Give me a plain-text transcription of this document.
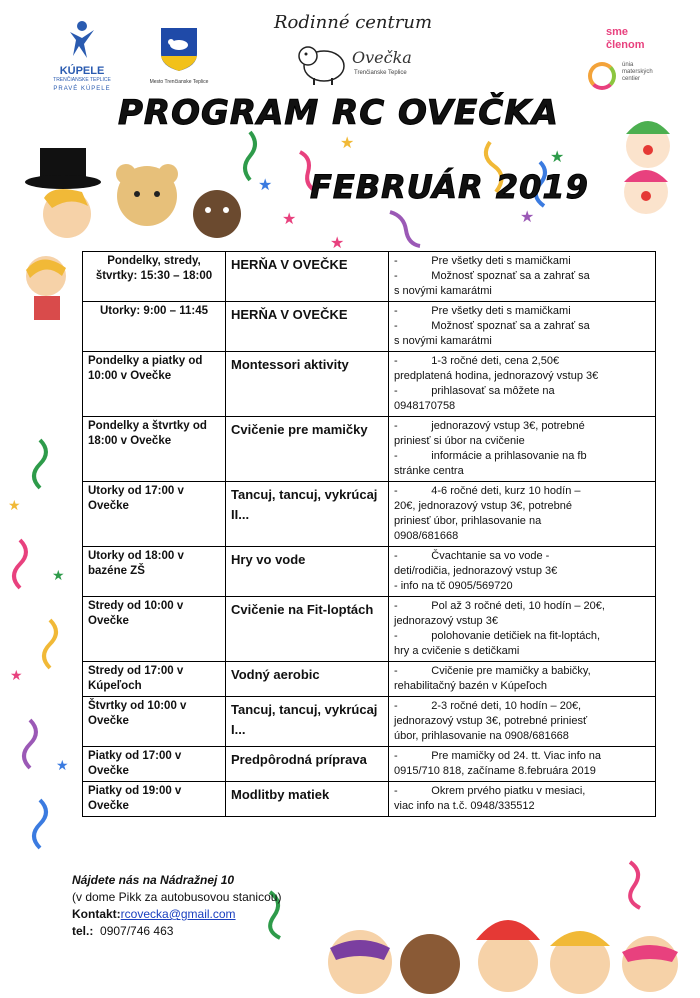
KÚPELE
TRENČIANSKE TEPLICE
PRAVÉ KÚPELE
Mesto Trenčianske Teplice
Rodinné centrum
Ovečka
Trenčianske Teplice
sme
členom
únia materských centier
★
★
★
★
★
★
★
★
★
★
PROGRAM RC OVEČKA
FEBRUÁR 2019
Pondelky, stredy, štvrtky: 15:30 – 18:00	HERŇA V OVEČKE	-           Pre všetky deti s mamičkami
-           Možnosť spoznať sa a zahrať sa
s novými kamarátmi

Utorky: 9:00 – 11:45	HERŇA V OVEČKE	-           Pre všetky deti s mamičkami
-           Možnosť spoznať sa a zahrať sa
s novými kamarátmi

Pondelky a piatky od 10:00 v Ovečke	Montessori aktivity	-           1-3 ročné deti, cena 2,50€
predplatená hodina, jednorazový vstup 3€
-           prihlasovať sa môžete na
0948170758

Pondelky a štvrtky od 18:00 v Ovečke	Cvičenie pre mamičky	-           jednorazový vstup 3€, potrebné
priniesť si úbor na cvičenie
-           informácie a prihlasovanie na fb
stránke centra

Utorky od 17:00 v Ovečke	Tancuj, tancuj, vykrúcaj II...	-           4-6 ročné deti, kurz 10 hodín –
20€, jednorazový vstup 3€, potrebné
priniesť úbor, prihlasovanie na
0908/681668

Utorky od 18:00 v bazéne ZŠ	Hry vo vode	-           Čvachtanie sa vo vode -
deti/rodičia, jednorazový vstup 3€
- info na tč 0905/569720

Stredy od 10:00 v Ovečke	Cvičenie na Fit-loptách	-           Pol až 3 ročné deti, 10 hodín – 20€,
jednorazový vstup 3€
-           polohovanie detičiek na fit-loptách,
hry a cvičenie s detičkami

Stredy od 17:00 v Kúpeľoch	Vodný aerobic	-           Cvičenie pre mamičky a babičky,
rehabilitačný bazén v Kúpeľoch

Štvrtky od 10:00 v Ovečke	Tancuj, tancuj, vykrúcaj I...	-           2-3 ročné deti, 10 hodín – 20€,
jednorazový vstup 3€, potrebné priniesť
úbor, prihlasovanie na 0908/681668

Piatky od 17:00 v Ovečke	Predpôrodná príprava	-           Pre mamičky od 24. tt. Viac info na
0915/710 818, začíname 8.februára 2019

Piatky od 19:00 v Ovečke	Modlitby matiek	-           Okrem prvého piatku v mesiaci,
viac info na t.č. 0948/335512
Nájdete nás na Nádražnej 10
(v dome Pikk za autobusovou stanicou)
Kontakt:rcovecka@gmail.com
tel.: 0907/746 463
